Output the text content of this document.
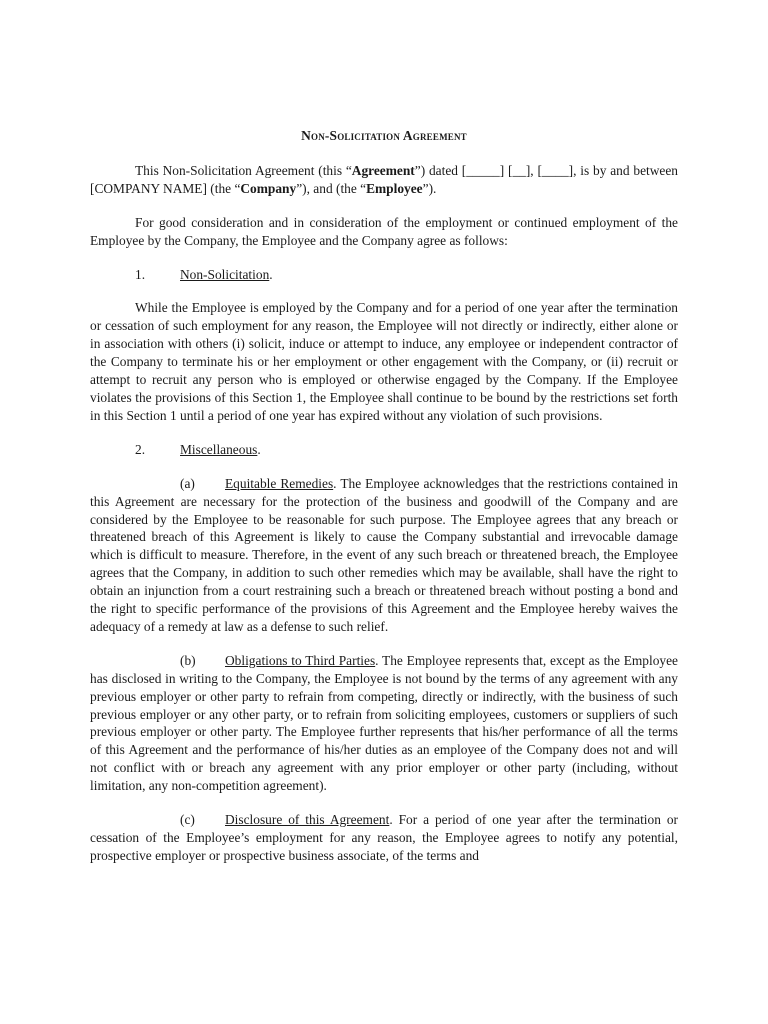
Non-Solicitation Agreement

This Non-Solicitation Agreement (this “Agreement”) dated [_____] [__], [____], is by and between [COMPANY NAME] (the “Company”), and (the “Employee”).

For good consideration and in consideration of the employment or continued employment of the Employee by the Company, the Employee and the Company agree as follows:

1.	Non-Solicitation.

While the Employee is employed by the Company and for a period of one year after the termination or cessation of such employment for any reason, the Employee will not directly or indirectly, either alone or in association with others (i) solicit, induce or attempt to induce, any employee or independent contractor of the Company to terminate his or her employment or other engagement with the Company, or (ii) recruit or attempt to recruit any person who is employed or otherwise engaged by the Company. If the Employee violates the provisions of this Section 1, the Employee shall continue to be bound by the restrictions set forth in this Section 1 until a period of one year has expired without any violation of such provisions.

2.	Miscellaneous.

(a) Equitable Remedies. The Employee acknowledges that the restrictions contained in this Agreement are necessary for the protection of the business and goodwill of the Company and are considered by the Employee to be reasonable for such purpose. The Employee agrees that any breach or threatened breach of this Agreement is likely to cause the Company substantial and irrevocable damage which is difficult to measure. Therefore, in the event of any such breach or threatened breach, the Employee agrees that the Company, in addition to such other remedies which may be available, shall have the right to obtain an injunction from a court restraining such a breach or threatened breach without posting a bond and the right to specific performance of the provisions of this Agreement and the Employee hereby waives the adequacy of a remedy at law as a defense to such relief.

(b) Obligations to Third Parties. The Employee represents that, except as the Employee has disclosed in writing to the Company, the Employee is not bound by the terms of any agreement with any previous employer or other party to refrain from competing, directly or indirectly, with the business of such previous employer or any other party, or to refrain from soliciting employees, customers or suppliers of such previous employer or other party. The Employee further represents that his/her performance of all the terms of this Agreement and the performance of his/her duties as an employee of the Company does not and will not conflict with or breach any agreement with any prior employer or other party (including, without limitation, any non-competition agreement).

(c) Disclosure of this Agreement. For a period of one year after the termination or cessation of the Employee’s employment for any reason, the Employee agrees to notify any potential, prospective employer or prospective business associate, of the terms and
